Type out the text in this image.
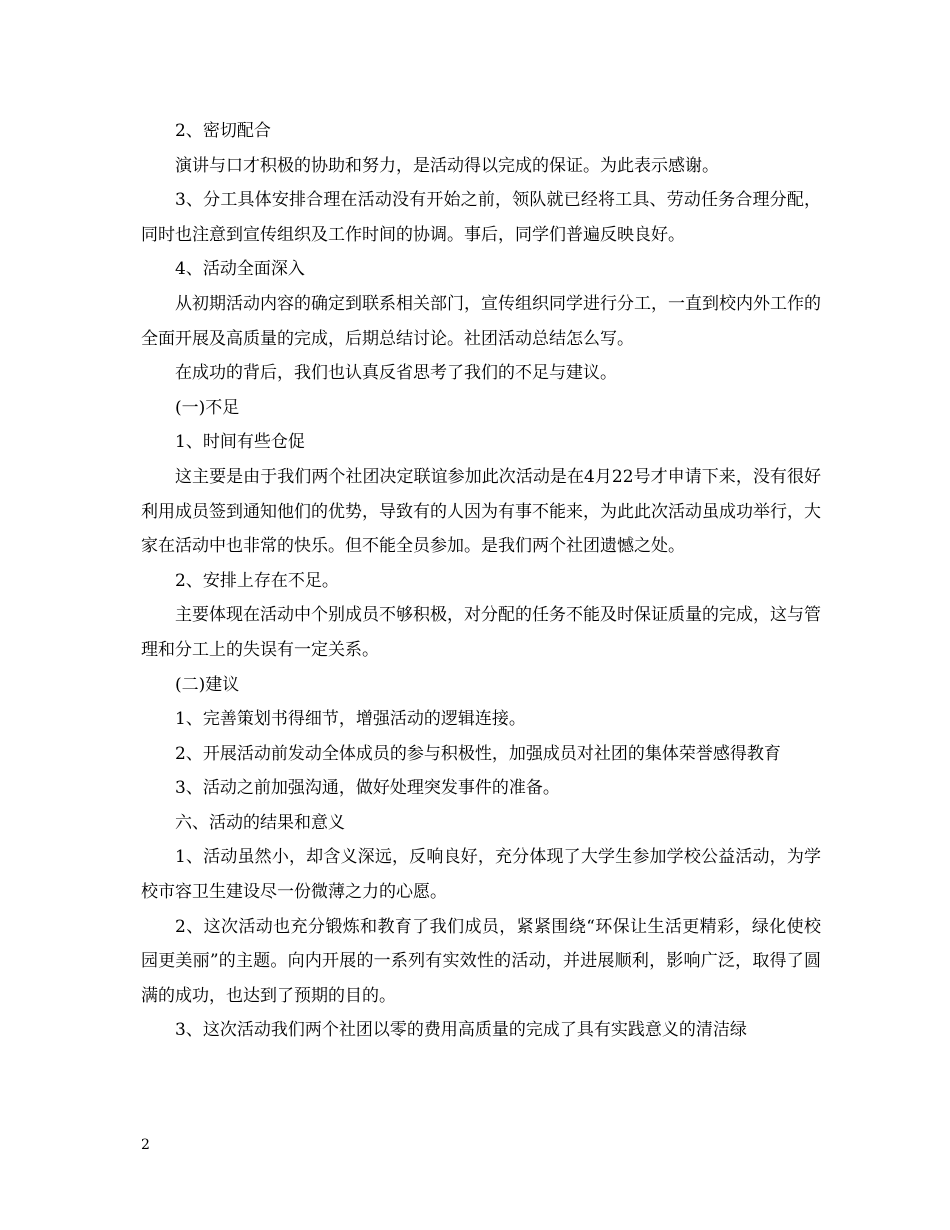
2、密切配合

演讲与口才积极的协助和努力，是活动得以完成的保证。为此表示感谢。

3、分工具体安排合理在活动没有开始之前，领队就已经将工具、劳动任务合理分配，同时也注意到宣传组织及工作时间的协调。事后，同学们普遍反映良好。

4、活动全面深入

从初期活动内容的确定到联系相关部门，宣传组织同学进行分工，一直到校内外工作的全面开展及高质量的完成，后期总结讨论。社团活动总结怎么写。

在成功的背后，我们也认真反省思考了我们的不足与建议。

(一)不足

1、时间有些仓促

这主要是由于我们两个社团决定联谊参加此次活动是在4月22号才申请下来，没有很好利用成员签到通知他们的优势，导致有的人因为有事不能来，为此此次活动虽成功举行，大家在活动中也非常的快乐。但不能全员参加。是我们两个社团遗憾之处。

2、安排上存在不足。

主要体现在活动中个别成员不够积极，对分配的任务不能及时保证质量的完成，这与管理和分工上的失误有一定关系。

(二)建议

1、完善策划书得细节，增强活动的逻辑连接。

2、开展活动前发动全体成员的参与积极性，加强成员对社团的集体荣誉感得教育

3、活动之前加强沟通，做好处理突发事件的准备。

六、活动的结果和意义

1、活动虽然小，却含义深远，反响良好，充分体现了大学生参加学校公益活动，为学校市容卫生建设尽一份微薄之力的心愿。

2、这次活动也充分锻炼和教育了我们成员，紧紧围绕“环保让生活更精彩，绿化使校园更美丽”的主题。向内开展的一系列有实效性的活动，并进展顺利，影响广泛，取得了圆满的成功，也达到了预期的目的。

3、这次活动我们两个社团以零的费用高质量的完成了具有实践意义的清洁绿

2
